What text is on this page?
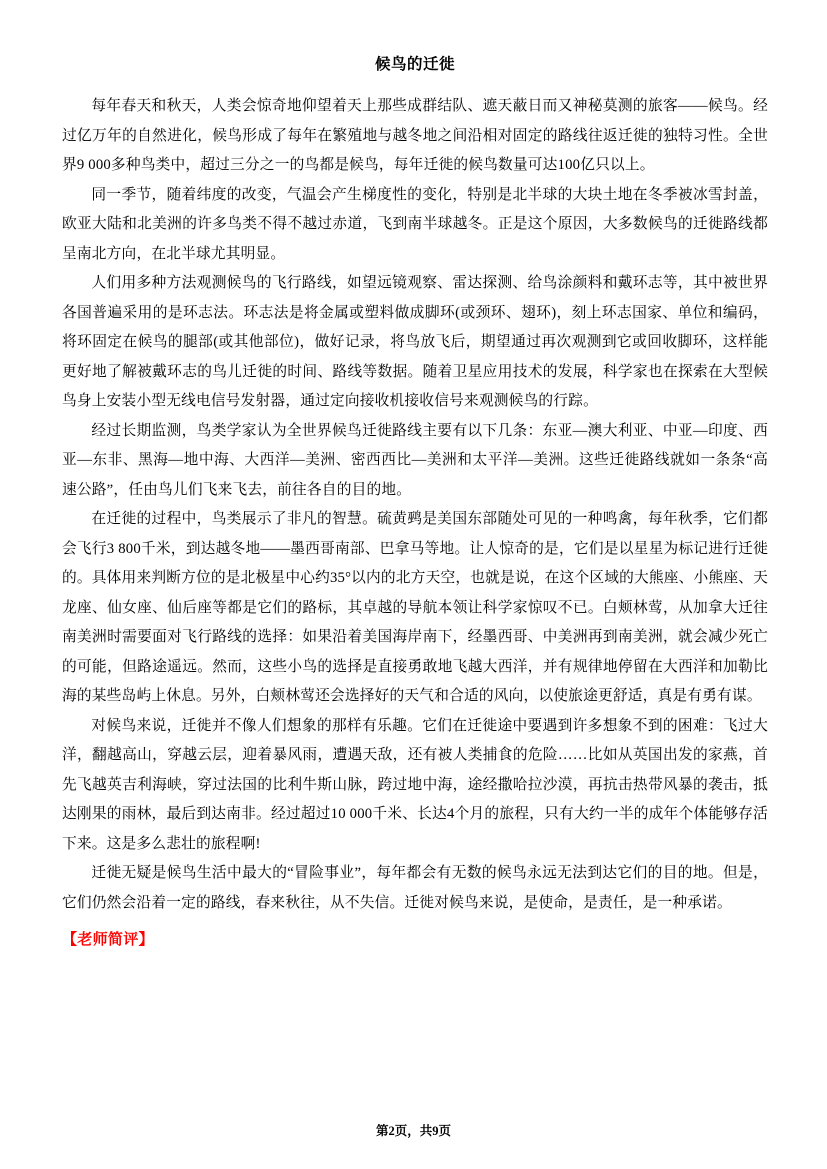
候鸟的迁徙

每年春天和秋天，人类会惊奇地仰望着天上那些成群结队、遮天蔽日而又神秘莫测的旅客——候鸟。经过亿万年的自然进化，候鸟形成了每年在繁殖地与越冬地之间沿相对固定的路线往返迁徙的独特习性。全世界9 000多种鸟类中，超过三分之一的鸟都是候鸟，每年迁徙的候鸟数量可达100亿只以上。

同一季节，随着纬度的改变，气温会产生梯度性的变化，特别是北半球的大块土地在冬季被冰雪封盖，欧亚大陆和北美洲的许多鸟类不得不越过赤道，飞到南半球越冬。正是这个原因，大多数候鸟的迁徙路线都呈南北方向，在北半球尤其明显。

人们用多种方法观测候鸟的飞行路线，如望远镜观察、雷达探测、给鸟涂颜料和戴环志等，其中被世界各国普遍采用的是环志法。环志法是将金属或塑料做成脚环(或颈环、翅环)，刻上环志国家、单位和编码，将环固定在候鸟的腿部(或其他部位)，做好记录，将鸟放飞后，期望通过再次观测到它或回收脚环，这样能更好地了解被戴环志的鸟儿迁徙的时间、路线等数据。随着卫星应用技术的发展，科学家也在探索在大型候鸟身上安装小型无线电信号发射器，通过定向接收机接收信号来观测候鸟的行踪。

经过长期监测，鸟类学家认为全世界候鸟迁徙路线主要有以下几条：东亚—澳大利亚、中亚—印度、西亚—东非、黑海—地中海、大西洋—美洲、密西西比—美洲和太平洋—美洲。这些迁徙路线就如一条条“高速公路”，任由鸟儿们飞来飞去，前往各自的目的地。

在迁徙的过程中，鸟类展示了非凡的智慧。硫黄鹀是美国东部随处可见的一种鸣禽，每年秋季，它们都会飞行3 800千米，到达越冬地——墨西哥南部、巴拿马等地。让人惊奇的是，它们是以星星为标记进行迁徙的。具体用来判断方位的是北极星中心约35°以内的北方天空，也就是说，在这个区域的大熊座、小熊座、天龙座、仙女座、仙后座等都是它们的路标，其卓越的导航本领让科学家惊叹不已。白颊林莺，从加拿大迁往南美洲时需要面对飞行路线的选择：如果沿着美国海岸南下，经墨西哥、中美洲再到南美洲，就会减少死亡的可能，但路途遥远。然而，这些小鸟的选择是直接勇敢地飞越大西洋，并有规律地停留在大西洋和加勒比海的某些岛屿上休息。另外，白颊林莺还会选择好的天气和合适的风向，以使旅途更舒适，真是有勇有谋。

对候鸟来说，迁徙并不像人们想象的那样有乐趣。它们在迁徙途中要遇到许多想象不到的困难：飞过大洋，翻越高山，穿越云层，迎着暴风雨，遭遇天敌，还有被人类捕食的危险……比如从英国出发的家燕，首先飞越英吉利海峡，穿过法国的比利牛斯山脉，跨过地中海，途经撒哈拉沙漠，再抗击热带风暴的袭击，抵达刚果的雨林，最后到达南非。经过超过10 000千米、长达4个月的旅程，只有大约一半的成年个体能够存活下来。这是多么悲壮的旅程啊!

迁徙无疑是候鸟生活中最大的“冒险事业”，每年都会有无数的候鸟永远无法到达它们的目的地。但是，它们仍然会沿着一定的路线，春来秋往，从不失信。迁徙对候鸟来说，是使命，是责任，是一种承诺。

【老师简评】
第2页，共9页
